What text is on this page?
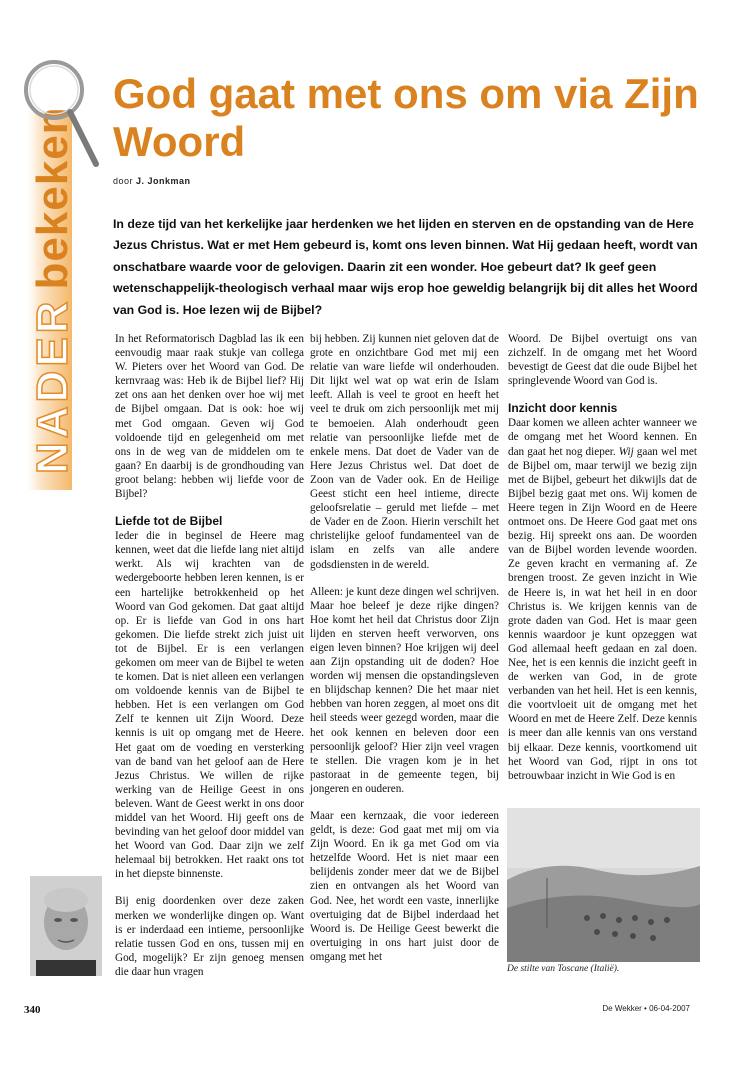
NADERbekeken
God gaat met ons om via Zijn Woord
door J. Jonkman
In deze tijd van het kerkelijke jaar herdenken we het lijden en sterven en de opstanding van de Here Jezus Christus. Wat er met Hem gebeurd is, komt ons leven binnen. Wat Hij gedaan heeft, wordt van onschatbare waarde voor de gelovigen. Daarin zit een wonder. Hoe gebeurt dat? Ik geef geen wetenschappelijk-theologisch verhaal maar wijs erop hoe geweldig belangrijk bij dit alles het Woord van God is. Hoe lezen wij de Bijbel?

In het Reformatorisch Dagblad las ik een eenvoudig maar raak stukje van collega W. Pieters over het Woord van God. De kernvraag was: Heb ik de Bijbel lief? Hij zet ons aan het denken over hoe wij met de Bijbel omgaan. Dat is ook: hoe wij met God omgaan. Geven wij God voldoende tijd en gelegenheid om met ons in de weg van de middelen om te gaan? En daarbij is de grondhouding van groot belang: hebben wij liefde voor de Bijbel?

Liefde tot de Bijbel

Ieder die in beginsel de Heere mag kennen, weet dat die liefde lang niet altijd werkt. Als wij krachten van de wedergeboorte hebben leren kennen, is er een hartelijke betrokkenheid op het Woord van God gekomen. Dat gaat altijd op. Er is liefde van God in ons hart gekomen. Die liefde strekt zich juist uit tot de Bijbel. Er is een verlangen gekomen om meer van de Bijbel te weten te komen. Dat is niet alleen een verlangen om voldoende kennis van de Bijbel te hebben. Het is een verlangen om God Zelf te kennen uit Zijn Woord. Deze kennis is uit op omgang met de Heere. Het gaat om de voeding en versterking van de band van het geloof aan de Here Jezus Christus. We willen de rijke werking van de Heilige Geest in ons beleven. Want de Geest werkt in ons door middel van het Woord. Hij geeft ons de bevinding van het geloof door middel van het Woord van God. Daar zijn we zelf helemaal bij betrokken. Het raakt ons tot in het diepste binnenste.

Bij enig doordenken over deze zaken merken we wonderlijke dingen op. Want is er inderdaad een intieme, persoonlijke relatie tussen God en ons, tussen mij en God, mogelijk? Er zijn genoeg mensen die daar hun vragen

bij hebben. Zij kunnen niet geloven dat de grote en onzichtbare God met mij een relatie van ware liefde wil onderhouden. Dit lijkt wel wat op wat erin de Islam leeft. Allah is veel te groot en heeft het veel te druk om zich persoonlijk met mij te bemoeien. Alah onderhoudt geen relatie van persoonlijke liefde met de enkele mens. Dat doet de Vader van de Here Jezus Christus wel. Dat doet de Zoon van de Vader ook. En de Heilige Geest sticht een heel intieme, directe geloofsrelatie – geruld met liefde – met de Vader en de Zoon. Hierin verschilt het christelijke geloof fundamenteel van de islam en zelfs van alle andere godsdiensten in de wereld.

Alleen: je kunt deze dingen wel schrijven. Maar hoe beleef je deze rijke dingen? Hoe komt het heil dat Christus door Zijn lijden en sterven heeft verworven, ons eigen leven binnen? Hoe krijgen wij deel aan Zijn opstanding uit de doden? Hoe worden wij mensen die opstandingsleven en blijdschap kennen? Die het maar niet hebben van horen zeggen, al moet ons dit heil steeds weer gezegd worden, maar die het ook kennen en beleven door een persoonlijk geloof? Hier zijn veel vragen te stellen. Die vragen kom je in het pastoraat in de gemeente tegen, bij jongeren en ouderen.

Maar een kernzaak, die voor iedereen geldt, is deze: God gaat met mij om via Zijn Woord. En ik ga met God om via hetzelfde Woord. Het is niet maar een belijdenis zonder meer dat we de Bijbel zien en ontvangen als het Woord van God. Nee, het wordt een vaste, innerlijke overtuiging dat de Bijbel inderdaad het Woord is. De Heilige Geest bewerkt die overtuiging in ons hart juist door de omgang met het

Woord. De Bijbel overtuigt ons van zichzelf. In de omgang met het Woord bevestigt de Geest dat die oude Bijbel het springlevende Woord van God is.

Inzicht door kennis

Daar komen we alleen achter wanneer we de omgang met het Woord kennen. En dan gaat het nog dieper. Wij gaan wel met de Bijbel om, maar terwijl we bezig zijn met de Bijbel, gebeurt het dikwijls dat de Bijbel bezig gaat met ons. Wij komen de Heere tegen in Zijn Woord en de Heere ontmoet ons. De Heere God gaat met ons bezig. Hij spreekt ons aan. De woorden van de Bijbel worden levende woorden. Ze geven kracht en vermaning af. Ze brengen troost. Ze geven inzicht in Wie de Heere is, in wat het heil in en door Christus is. We krijgen kennis van de grote daden van God. Het is maar geen kennis waardoor je kunt opzeggen wat God allemaal heeft gedaan en zal doen. Nee, het is een kennis die inzicht geeft in de werken van God, in de grote verbanden van het heil. Het is een kennis, die voortvloeit uit de omgang met het Woord en met de Heere Zelf. Deze kennis is meer dan alle kennis van ons verstand bij elkaar. Deze kennis, voortkomend uit het Woord van God, rijpt in ons tot betrouwbaar inzicht in Wie God is en

De stilte van Toscane (Italië).
340	De Wekker • 06-04-2007
